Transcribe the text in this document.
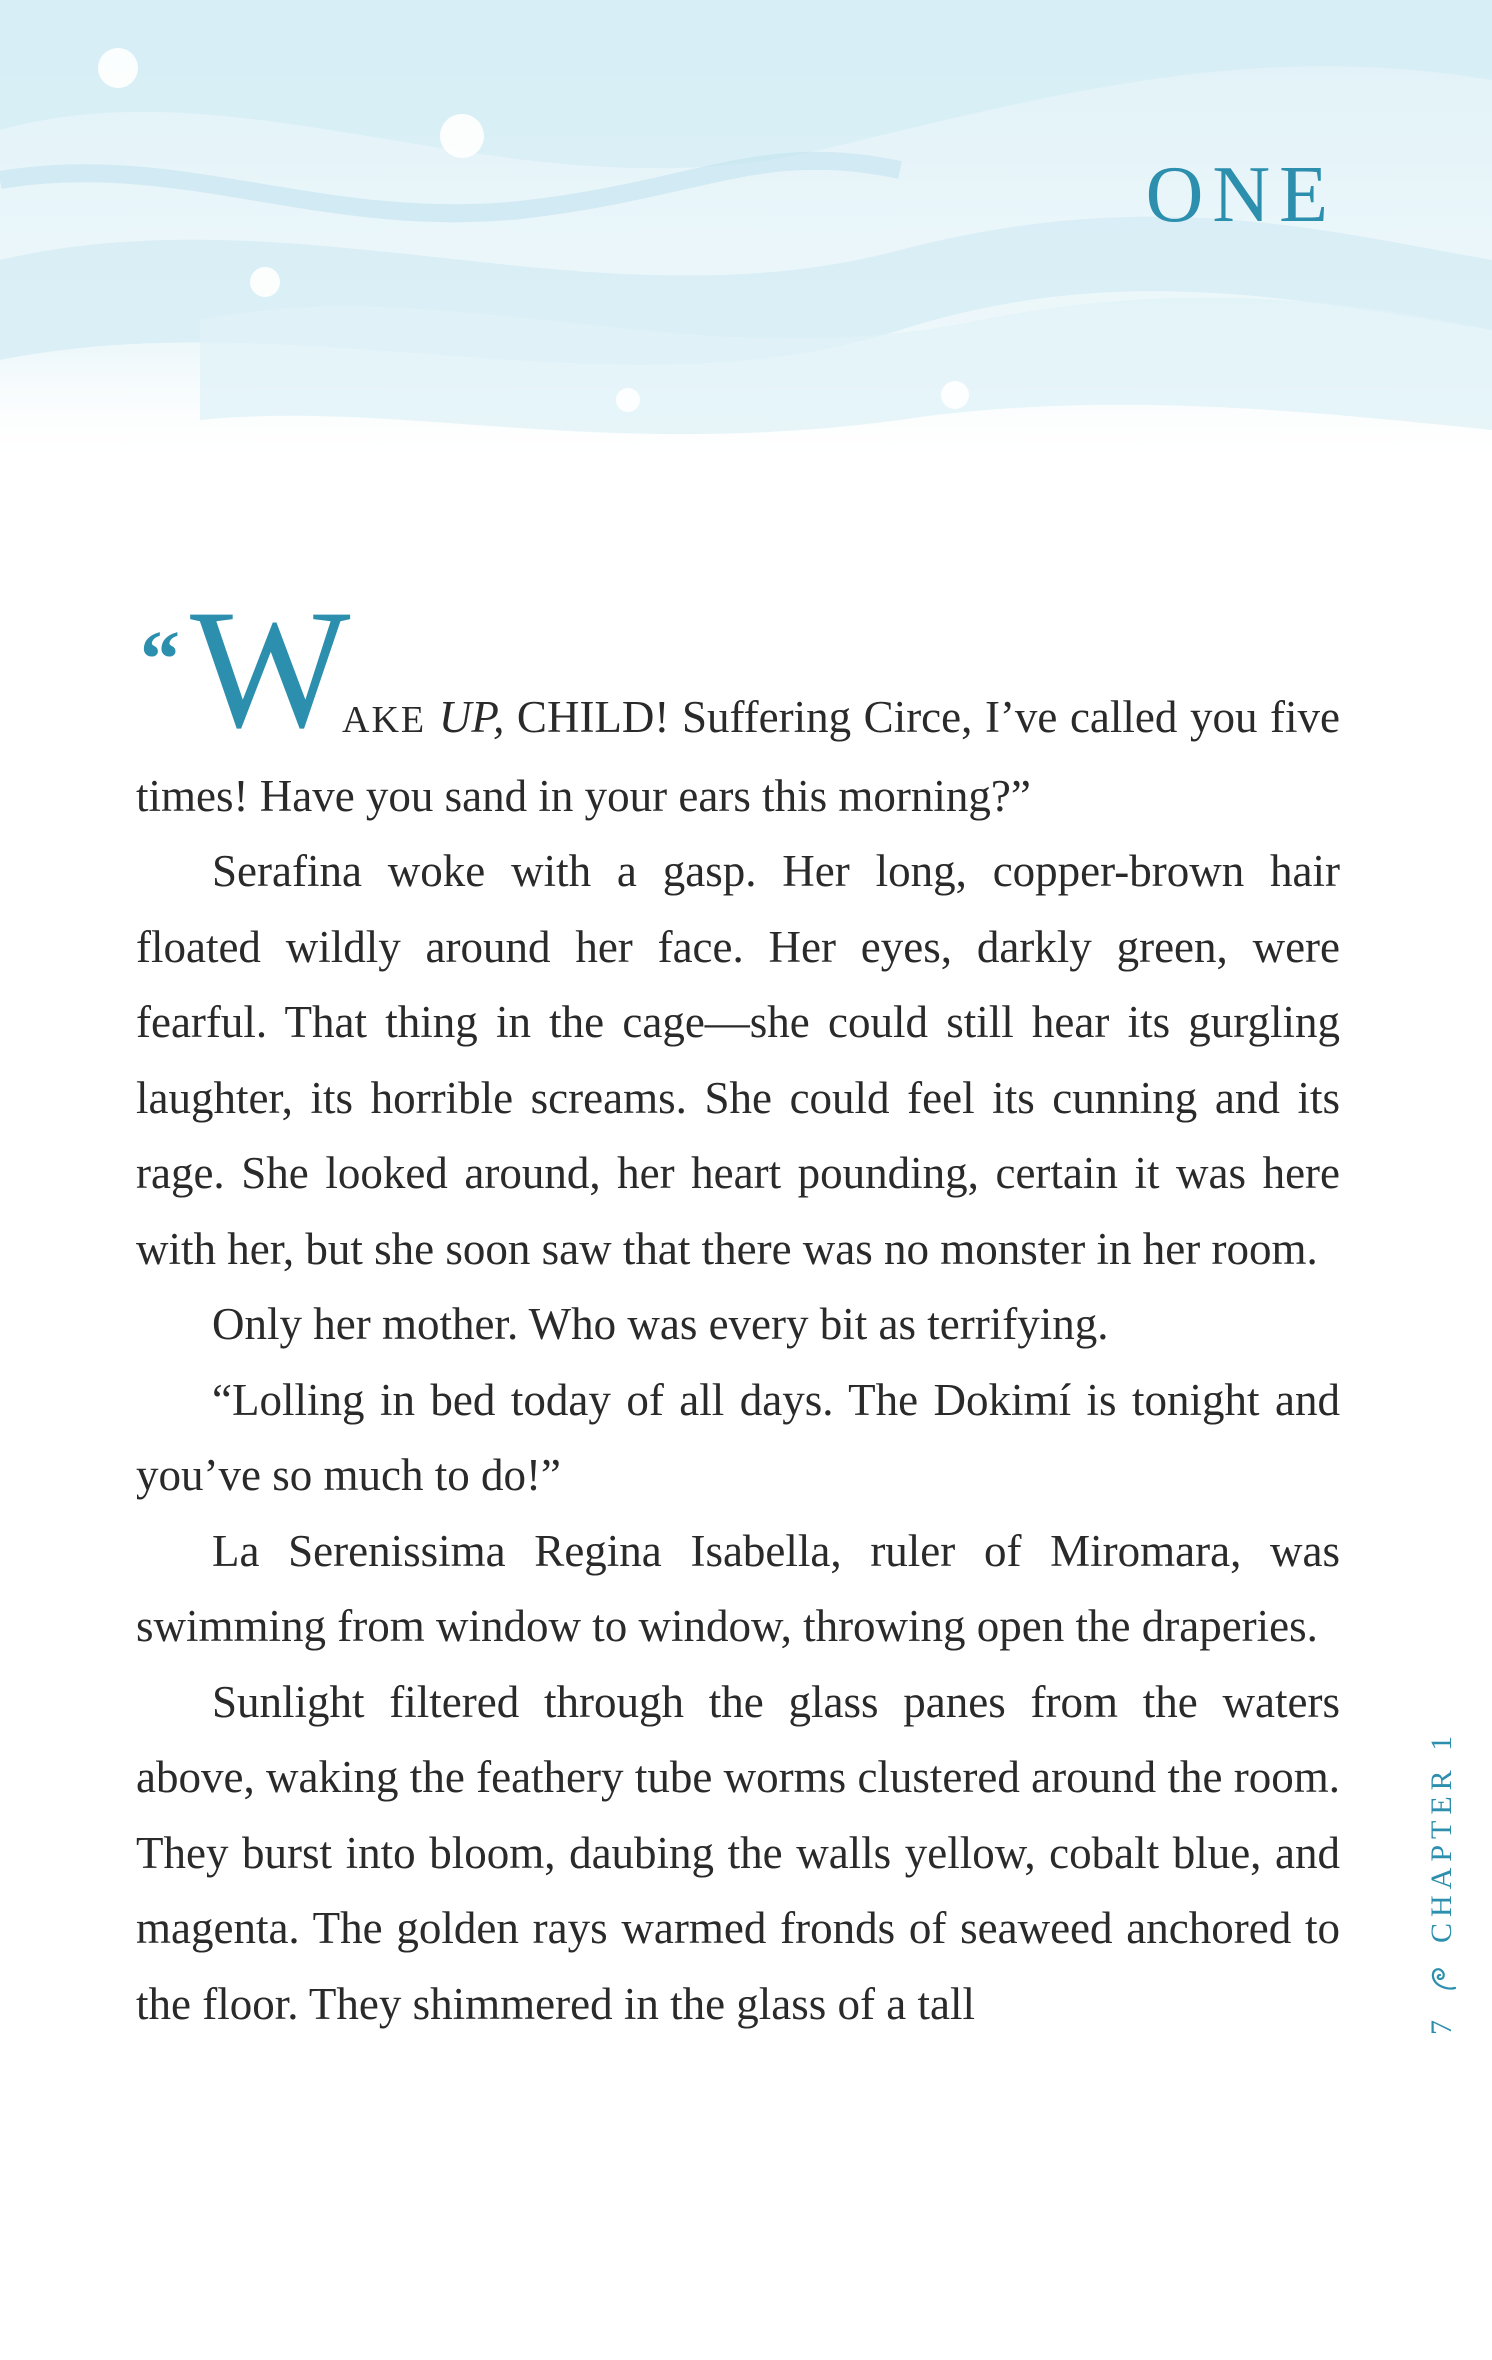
ONE

“ W
AKE UP, CHILD! Suffering Circe, I’ve called you five times! Have you sand in your ears this morning?”

Serafina woke with a gasp. Her long, copper-brown hair floated wildly around her face. Her eyes, darkly green, were fearful. That thing in the cage—she could still hear its gurgling laughter, its horrible screams. She could feel its cunning and its rage. She looked around, her heart pounding, certain it was here with her, but she soon saw that there was no monster in her room.

Only her mother. Who was every bit as terrifying.

“Lolling in bed today of all days. The Dokimí is tonight and you’ve so much to do!”

La Serenissima Regina Isabella, ruler of Miromara, was swimming from window to window, throwing open the draperies.

Sunlight filtered through the glass panes from the waters above, waking the feathery tube worms clustered around the room. They burst into bloom, daubing the walls yellow, cobalt blue, and magenta. The golden rays warmed fronds of seaweed anchored to the floor. They shimmered in the glass of a tall	7  CHAPTER 1
